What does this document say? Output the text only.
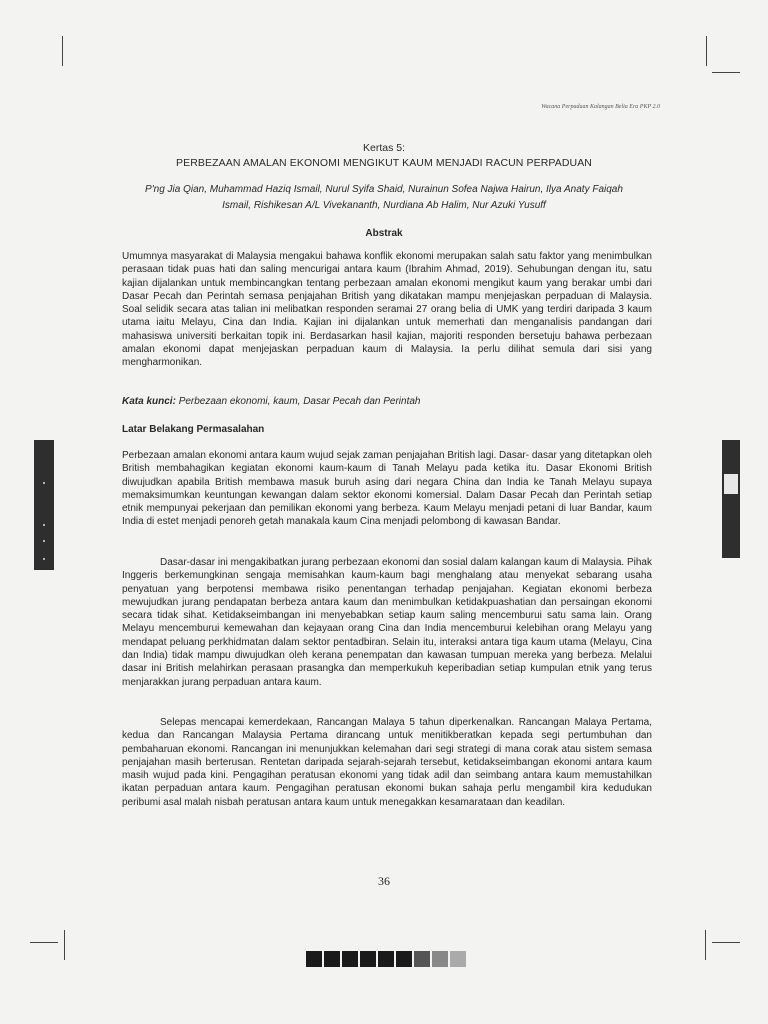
Wacana Perpaduan Kalangan Belia Era PKP 2.0
Kertas 5:
PERBEZAAN AMALAN EKONOMI MENGIKUT KAUM MENJADI RACUN PERPADUAN
P'ng Jia Qian, Muhammad Haziq Ismail, Nurul Syifa Shaid, Nurainun Sofea Najwa Hairun, Ilya Anaty Faiqah
Ismail, Rishikesan A/L Vivekananth, Nurdiana Ab Halim, Nur Azuki Yusuff
Abstrak

Umumnya masyarakat di Malaysia mengakui bahawa konflik ekonomi merupakan salah satu faktor yang menimbulkan perasaan tidak puas hati dan saling mencurigai antara kaum (Ibrahim Ahmad, 2019). Sehubungan dengan itu, satu kajian dijalankan untuk membincangkan tentang perbezaan amalan ekonomi mengikut kaum yang berakar umbi dari Dasar Pecah dan Perintah semasa penjajahan British yang dikatakan mampu menjejaskan perpaduan di Malaysia. Soal selidik secara atas talian ini melibatkan responden seramai 27 orang belia di UMK yang terdiri daripada 3 kaum utama iaitu Melayu, Cina dan India. Kajian ini dijalankan untuk memerhati dan menganalisis pandangan dari mahasiswa universiti berkaitan topik ini. Berdasarkan hasil kajian, majoriti responden bersetuju bahawa perbezaan amalan ekonomi dapat menjejaskan perpaduan kaum di Malaysia. Ia perlu dilihat semula dari sisi yang mengharmonikan.

Kata kunci: Perbezaan ekonomi, kaum, Dasar Pecah dan Perintah
Latar Belakang Permasalahan

Perbezaan amalan ekonomi antara kaum wujud sejak zaman penjajahan British lagi. Dasar- dasar yang ditetapkan oleh British membahagikan kegiatan ekonomi kaum-kaum di Tanah Melayu pada ketika itu. Dasar Ekonomi British diwujudkan apabila British membawa masuk buruh asing dari negara China dan India ke Tanah Melayu supaya memaksimumkan keuntungan kewangan dalam sektor ekonomi komersial. Dalam Dasar Pecah dan Perintah setiap etnik mempunyai pekerjaan dan pemilikan ekonomi yang berbeza. Kaum Melayu menjadi petani di luar Bandar, kaum India di estet menjadi penoreh getah manakala kaum Cina menjadi pelombong di kawasan Bandar.

Dasar-dasar ini mengakibatkan jurang perbezaan ekonomi dan sosial dalam kalangan kaum di Malaysia. Pihak Inggeris berkemungkinan sengaja memisahkan kaum-kaum bagi menghalang atau menyekat sebarang usaha penyatuan yang berpotensi membawa risiko penentangan terhadap penjajahan. Kegiatan ekonomi berbeza mewujudkan jurang pendapatan berbeza antara kaum dan menimbulkan ketidakpuashatian dan persaingan ekonomi secara tidak sihat. Ketidakseimbangan ini menyebabkan setiap kaum saling mencemburui satu sama lain. Orang Melayu mencemburui kemewahan dan kejayaan orang Cina dan India mencemburui kelebihan orang Melayu yang mendapat peluang perkhidmatan dalam sektor pentadbiran. Selain itu, interaksi antara tiga kaum utama (Melayu, Cina dan India) tidak mampu diwujudkan oleh kerana penempatan dan kawasan tumpuan mereka yang berbeza. Melalui dasar ini British melahirkan perasaan prasangka dan memperkukuh keperibadian setiap kumpulan etnik yang terus menjarakkan jurang perpaduan antara kaum.

Selepas mencapai kemerdekaan, Rancangan Malaya 5 tahun diperkenalkan. Rancangan Malaya Pertama, kedua dan Rancangan Malaysia Pertama dirancang untuk menitikberatkan kepada segi pertumbuhan dan pembaharuan ekonomi. Rancangan ini menunjukkan kelemahan dari segi strategi di mana corak atau sistem semasa penjajahan masih berterusan. Rentetan daripada sejarah-sejarah tersebut, ketidakseimbangan ekonomi antara kaum masih wujud pada kini. Pengagihan peratusan ekonomi yang tidak adil dan seimbang antara kaum memustahilkan ikatan perpaduan antara kaum. Pengagihan peratusan ekonomi bukan sahaja perlu mengambil kira kedudukan peribumi asal malah nisbah peratusan antara kaum untuk menegakkan kesamarataan dan keadilan.

36
